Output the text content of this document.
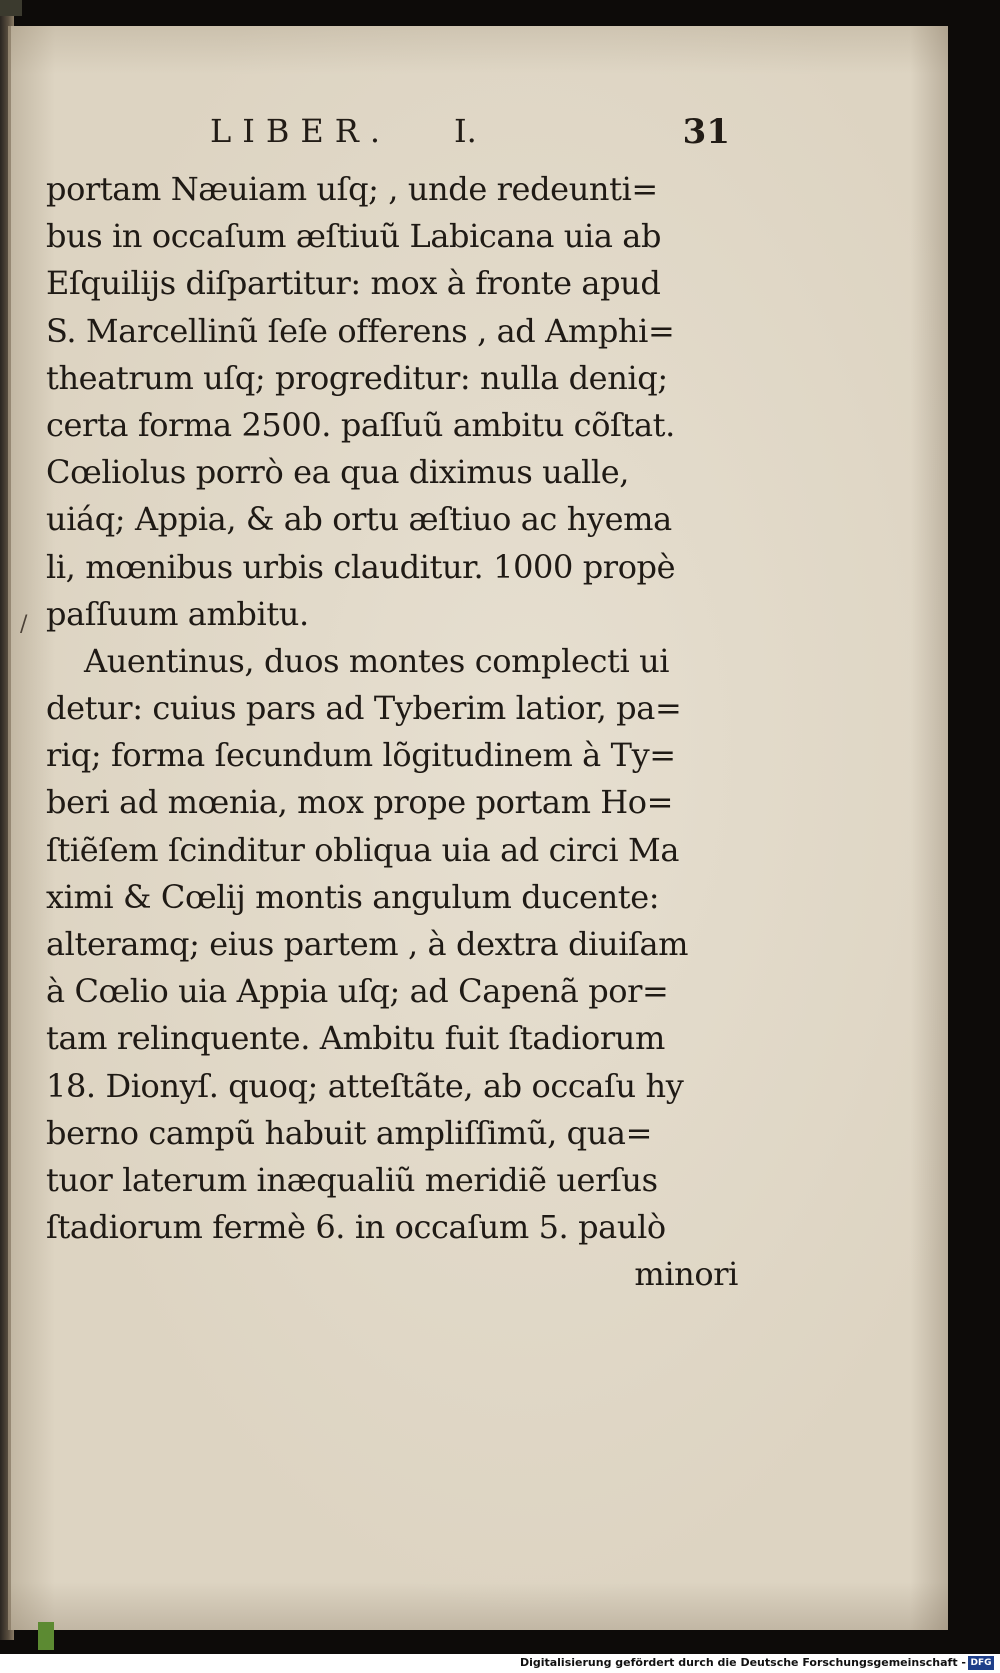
LIBER. I.	31
/
portam Næuiam uſq; , unde redeunti=
bus in occaſum æſtiuũ Labicana uia ab
Eſquilijs diſpartitur: mox à fronte apud
S. Marcellinũ ſeſe offerens , ad Amphi=
theatrum uſq; progreditur: nulla deniq;
certa forma 2500. paſſuũ ambitu cõſtat.
Cœliolus porrò ea qua diximus ualle,
uiáq; Appia, & ab ortu æſtiuo ac hyema
li, mœnibus urbis clauditur. 1000 propè
paſſuum ambitu.
Auentinus, duos montes complecti ui
detur: cuius pars ad Tyberim latior, pa=
riq; forma ſecundum lõgitudinem à Ty=
beri ad mœnia, mox prope portam Ho=
ſtiẽſem ſcinditur obliqua uia ad circi Ma
ximi & Cœlij montis angulum ducente:
alteramq; eius partem , à dextra diuiſam
à Cœlio uia Appia uſq; ad Capenã por=
tam relinquente. Ambitu fuit ſtadiorum
18. Dionyſ. quoq; atteſtãte, ab occaſu hy
berno campũ habuit ampliſſimũ, qua=
tuor laterum inæqualiũ meridiẽ uerſus
ſtadiorum fermè 6. in occaſum 5. paulò
minori
Digitalisierung gefördert durch die Deutsche Forschungsgemeinschaft - DFG
